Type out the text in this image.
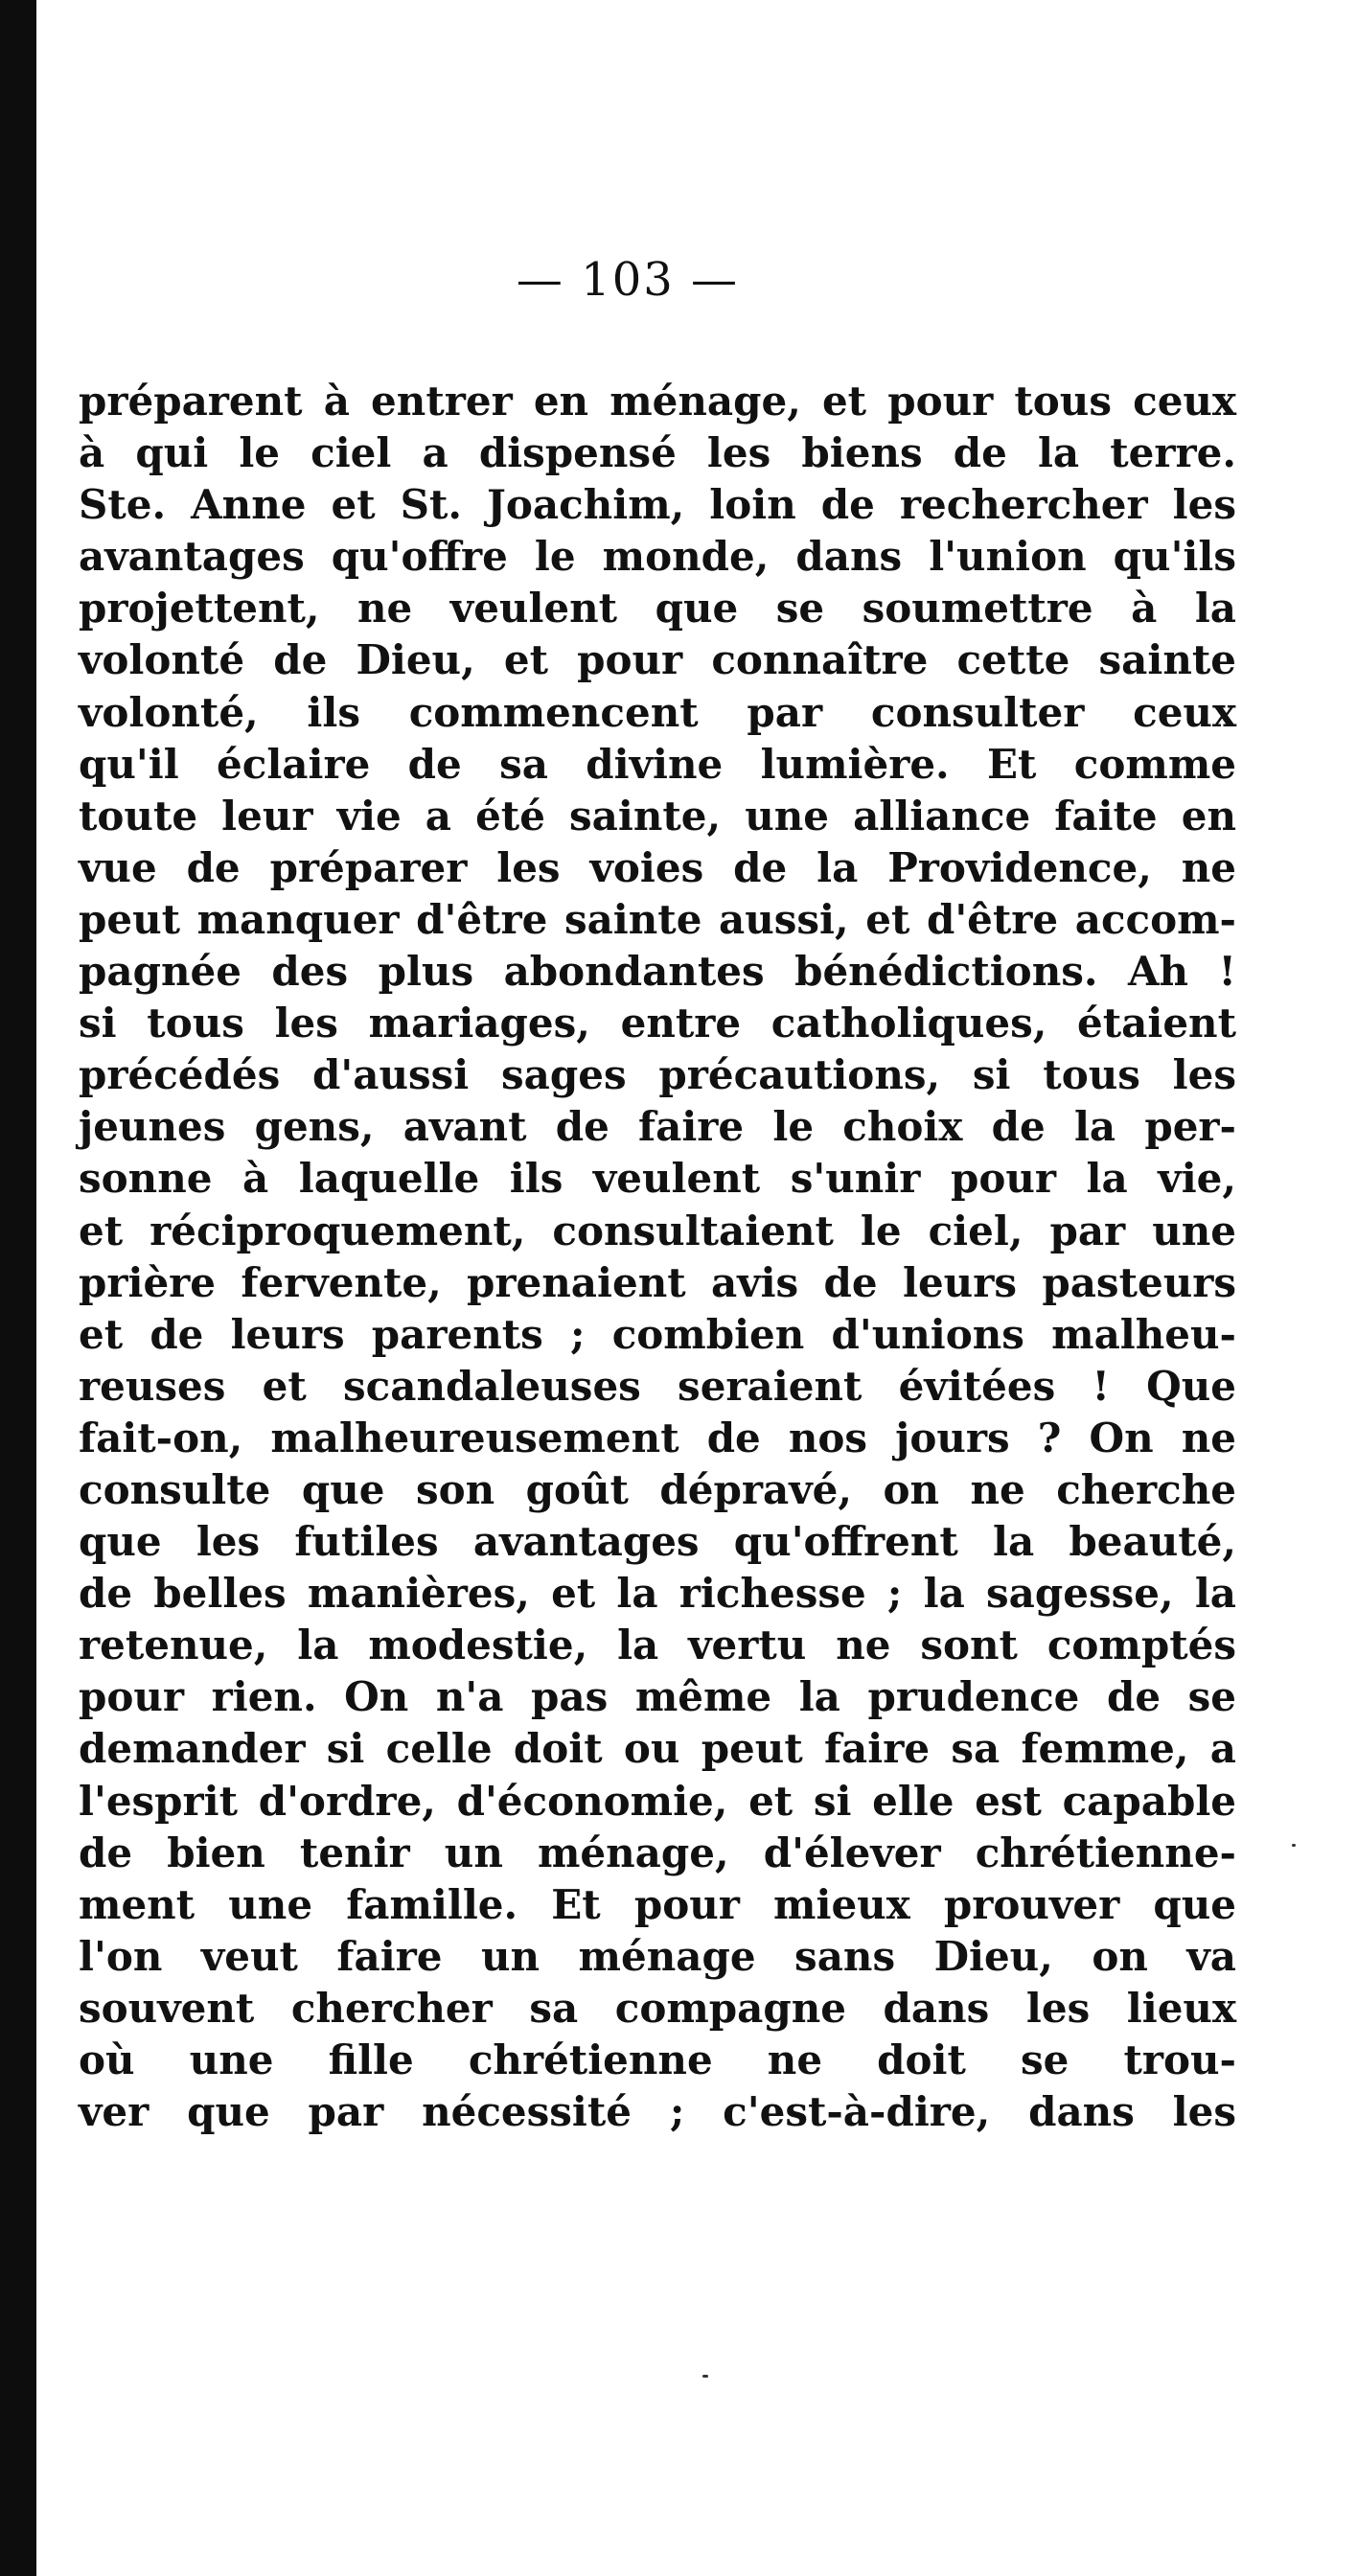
— 103 —
préparent à entrer en ménage, et pour tous ceux
à qui le ciel a dispensé les biens de la terre.
Ste. Anne et St. Joachim, loin de rechercher les
avantages qu'offre le monde, dans l'union qu'ils
projettent, ne veulent que se soumettre à la
volonté de Dieu, et pour connaître cette sainte
volonté, ils commencent par consulter ceux
qu'il éclaire de sa divine lumière. Et comme
toute leur vie a été sainte, une alliance faite en
vue de préparer les voies de la Providence, ne
peut manquer d'être sainte aussi, et d'être accom-
pagnée des plus abondantes bénédictions. Ah !
si tous les mariages, entre catholiques, étaient
précédés d'aussi sages précautions, si tous les
jeunes gens, avant de faire le choix de la per-
sonne à laquelle ils veulent s'unir pour la vie,
et réciproquement, consultaient le ciel, par une
prière fervente, prenaient avis de leurs pasteurs
et de leurs parents ; combien d'unions malheu-
reuses et scandaleuses seraient évitées ! Que
fait-on, malheureusement de nos jours ? On ne
consulte que son goût dépravé, on ne cherche
que les futiles avantages qu'offrent la beauté,
de belles manières, et la richesse ; la sagesse, la
retenue, la modestie, la vertu ne sont comptés
pour rien. On n'a pas même la prudence de se
demander si celle doit ou peut faire sa femme, a
l'esprit d'ordre, d'économie, et si elle est capable
de bien tenir un ménage, d'élever chrétienne-
ment une famille. Et pour mieux prouver que
l'on veut faire un ménage sans Dieu, on va
souvent chercher sa compagne dans les lieux
où une fille chrétienne ne doit se trou-
ver que par nécessité ; c'est-à-dire, dans les
